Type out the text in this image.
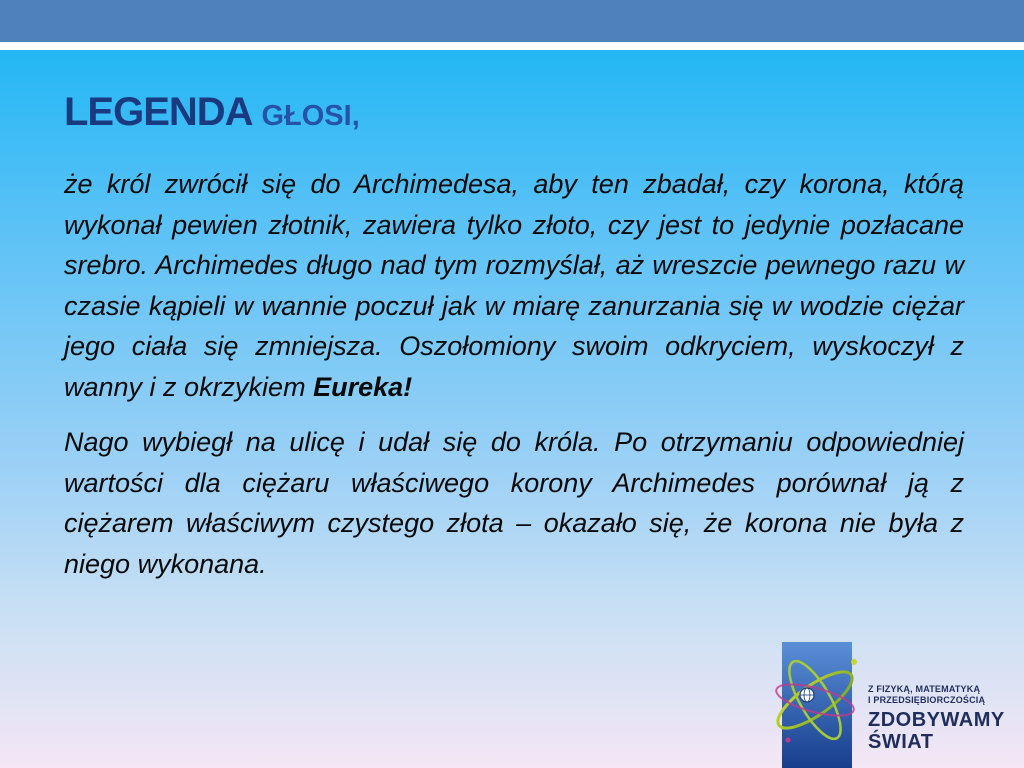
LEGENDA GŁOSI,

że król zwrócił się do Archimedesa, aby ten zbadał, czy korona, którą wykonał pewien złotnik, zawiera tylko złoto, czy jest to jedynie pozłacane srebro. Archimedes długo nad tym rozmyślał, aż wreszcie pewnego razu w czasie kąpieli w wannie poczuł jak w miarę zanurzania się w wodzie ciężar jego ciała się zmniejsza. Oszołomiony swoim odkryciem, wyskoczył z wanny i z okrzykiem Eureka!

Nago wybiegł na ulicę i udał się do króla. Po otrzymaniu odpowiedniej wartości dla ciężaru właściwego korony Archimedes porównał ją z ciężarem właściwym czystego złota – okazało się, że korona nie była z niego wykonana.

Z FIZYKĄ, MATEMATYKĄ
I PRZEDSIĘBIORCZOŚCIĄ
ZDOBYWAMY
ŚWIAT
